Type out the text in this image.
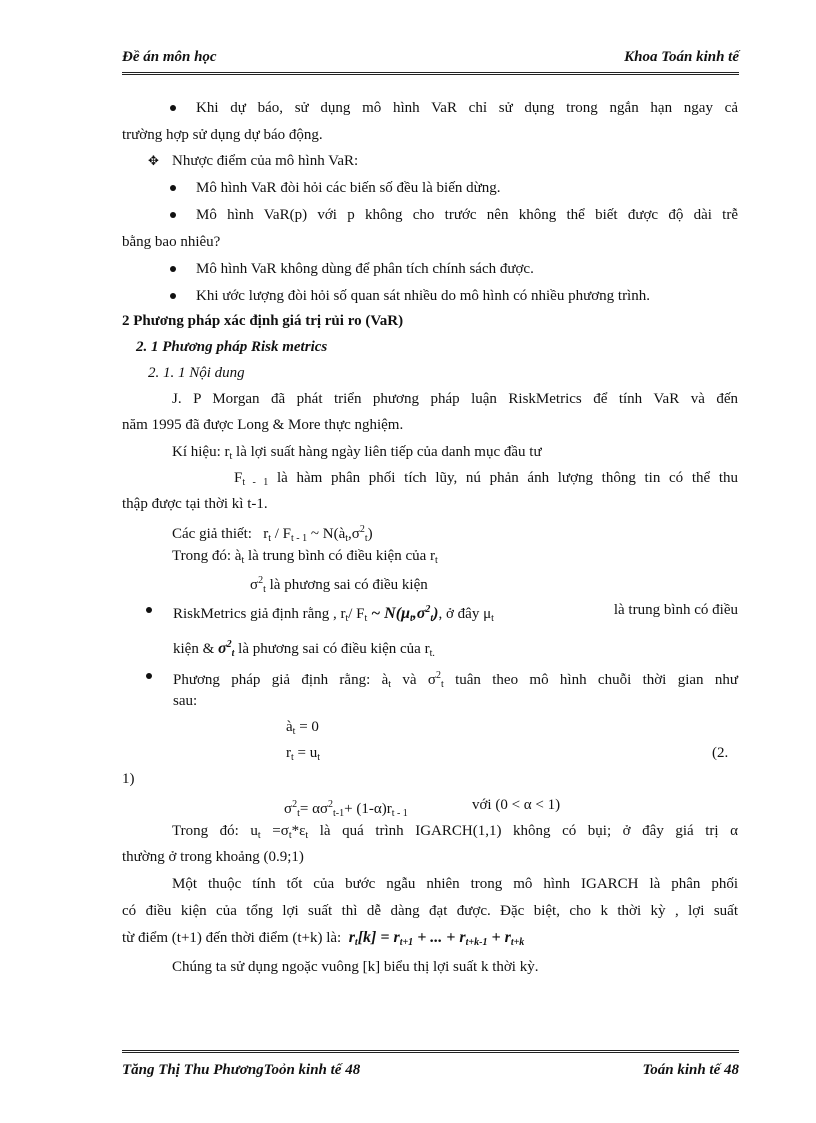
Đề án môn học	Khoa Toán kinh tế
Khi dự báo, sử dụng mô hình VaR chỉ sử dụng trong ngắn hạn ngay cả
trường hợp sử dụng dự báo động.
✥ Nhược điểm của mô hình VaR:
Mô hình VaR đòi hỏi các biến số đều là biến dừng.
Mô hình VaR(p) với p không cho trước nên không thể biết được độ dài trễ
bằng bao nhiêu?
Mô hình VaR không dùng để phân tích chính sách được.
Khi ước lượng đòi hỏi số quan sát nhiều do mô hình có nhiều phương trình.
2 Phương pháp xác định giá trị rủi ro (VaR)
2. 1 Phương pháp Risk metrics
2. 1. 1 Nội dung
J. P Morgan đã phát triển phương pháp luận RiskMetrics để tính VaR và đến
năm 1995 đã được Long & More thực nghiệm.
Kí hiệu: $r_t$ là lợi suất hàng ngày liên tiếp của danh mục đầu tư
$F_{t - 1}$ là hàm phân phối tích lũy, nú phản ánh lượng thông tin có thể thu
thập được tại thời kì t-1.
Các giả thiết:   $r_t / F_{t - 1}$ ~ $N(à_t,\sigma^2_t)$
Trong đó: $à_t$ là trung bình có điều kiện của $r_t$
$\sigma^2_t$ là phương sai có điều kiện
RiskMetrics giả định rằng , $r_t/$ $F_t$ ~ $N(\mu_t,\sigma^2_t)$, ở đây $\mu_t$
là trung bình có điều
kiện & $\sigma^2_t$ là phương sai có điều kiện của $r_{t.}$
Phương pháp giả định rằng: $à_t$ và $\sigma^2_t$ tuân theo mô hình chuỗi thời gian như
sau:
$à_t = 0$
$r_t = u_t$	(2.
1)
$\sigma^2_t= \alpha\sigma^2_{t-1}+ (1-\alpha)r_{t - 1}$
với (0 < α < 1)
Trong đó: $u_t =\sigma_t*\varepsilon_t$ là quá trình IGARCH(1,1) không có bụi; ở đây giá trị α
thường ở trong khoảng (0.9;1)
Một thuộc tính tốt của bước ngẫu nhiên trong mô hình IGARCH là phân phối
có điều kiện của tổng lợi suất thì dễ dàng đạt được. Đặc biệt, cho k thời kỳ , lợi suất
từ điểm (t+1) đến thời điểm (t+k) là: $r_t[k] = r_{t+1}$ + ... + $r_{t+k-1} + r_{t+k}$
Chúng ta sử dụng ngoặc vuông [k] biểu thị lợi suất k thời kỳ.
Tăng Thị Thu PhươngToỏn kinh tế 48	Toán kinh tế 48
